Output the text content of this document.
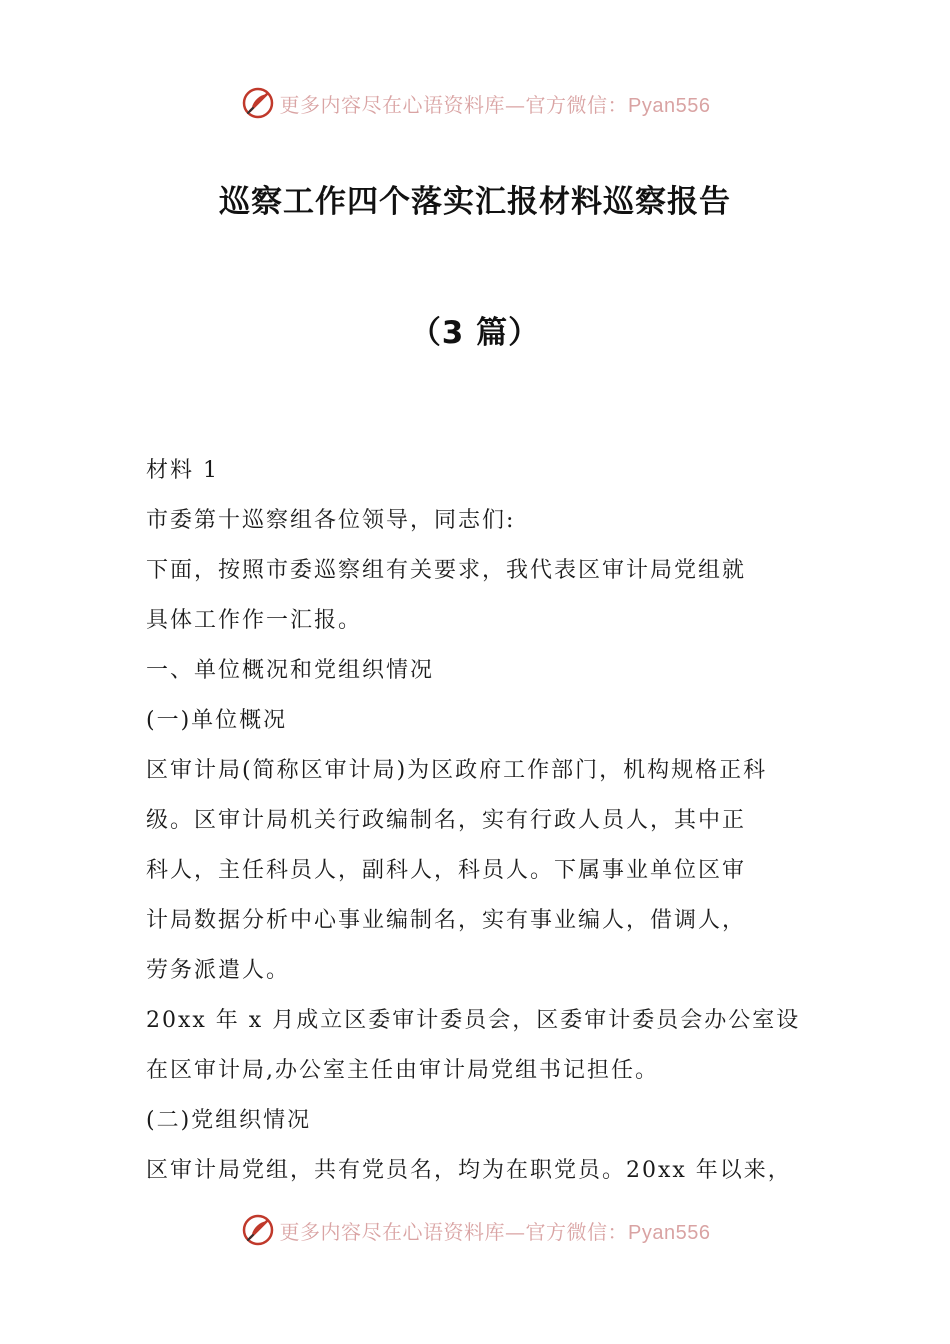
更多内容尽在心语资料库—官方微信：Pyan556
巡察工作四个落实汇报材料巡察报告
（3 篇）

材料 1

市委第十巡察组各位领导，同志们:

下面，按照市委巡察组有关要求，我代表区审计局党组就

具体工作作一汇报。

一、单位概况和党组织情况

(一)单位概况

区审计局(简称区审计局)为区政府工作部门，机构规格正科

级。区审计局机关行政编制名，实有行政人员人，其中正

科人，主任科员人，副科人，科员人。下属事业单位区审

计局数据分析中心事业编制名，实有事业编人，借调人，

劳务派遣人。

20xx 年 x 月成立区委审计委员会，区委审计委员会办公室设

在区审计局,办公室主任由审计局党组书记担任。

(二)党组织情况

区审计局党组，共有党员名，均为在职党员。20xx 年以来，

更多内容尽在心语资料库—官方微信：Pyan556
